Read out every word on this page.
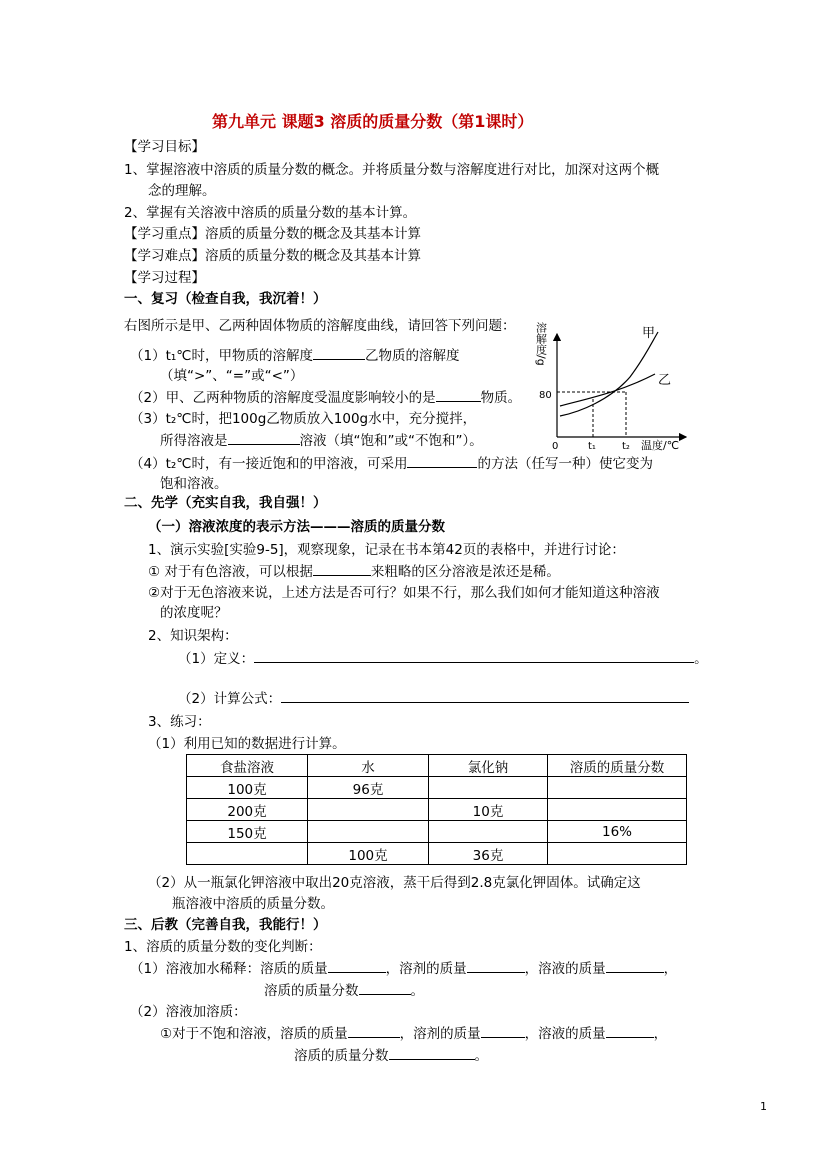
第九单元 课题3 溶质的质量分数（第1课时）
【学习目标】
1、掌握溶液中溶质的质量分数的概念。并将质量分数与溶解度进行对比，加深对这两个概
念的理解。
2、掌握有关溶液中溶质的质量分数的基本计算。
【学习重点】溶质的质量分数的概念及其基本计算
【学习难点】溶质的质量分数的概念及其基本计算
【学习过程】
一、复习（检查自我，我沉着！）
右图所示是甲、乙两种固体物质的溶解度曲线，请回答下列问题：
（1）t₁℃时，甲物质的溶解度	乙物质的溶解度
（填“>”、“=”或“<”）
（2）甲、乙两种物质的溶解度受温度影响较小的是	物质。
（3）t₂℃时，把100g乙物质放入100g水中，充分搅拌，
所得溶液是	溶液（填“饱和”或“不饱和”）。
（4）t₂℃时，有一接近饱和的甲溶液，可采用	的方法（任写一种）使它变为
饱和溶液。
溶解度/g
80
0	t₁	t₂ 温度/℃
甲
乙
二、先学（充实自我，我自强！）
（一）溶液浓度的表示方法———溶质的质量分数
1、演示实验[实验9-5]，观察现象，记录在书本第42页的表格中，并进行讨论：
① 对于有色溶液，可以根据	来粗略的区分溶液是浓还是稀。
②对于无色溶液来说，上述方法是否可行？如果不行，那么我们如何才能知道这种溶液
的浓度呢？
2、知识架构：
（1）定义：	。
（2）计算公式：
3、练习：
（1）利用已知的数据进行计算。
食盐溶液	水	氯化钠	溶质的质量分数
100克	96克		
200克		10克	
150克			16%
	100克	36克	
（2）从一瓶氯化钾溶液中取出20克溶液，蒸干后得到2.8克氯化钾固体。试确定这
瓶溶液中溶质的质量分数。
三、后教（完善自我，我能行！）
1、溶质的质量分数的变化判断：
（1）溶液加水稀释：溶质的质量	，溶剂的质量	，溶液的质量	，
溶质的质量分数	。
（2）溶液加溶质：
①对于不饱和溶液，溶质的质量	，溶剂的质量	，溶液的质量	，
溶质的质量分数	。
1
